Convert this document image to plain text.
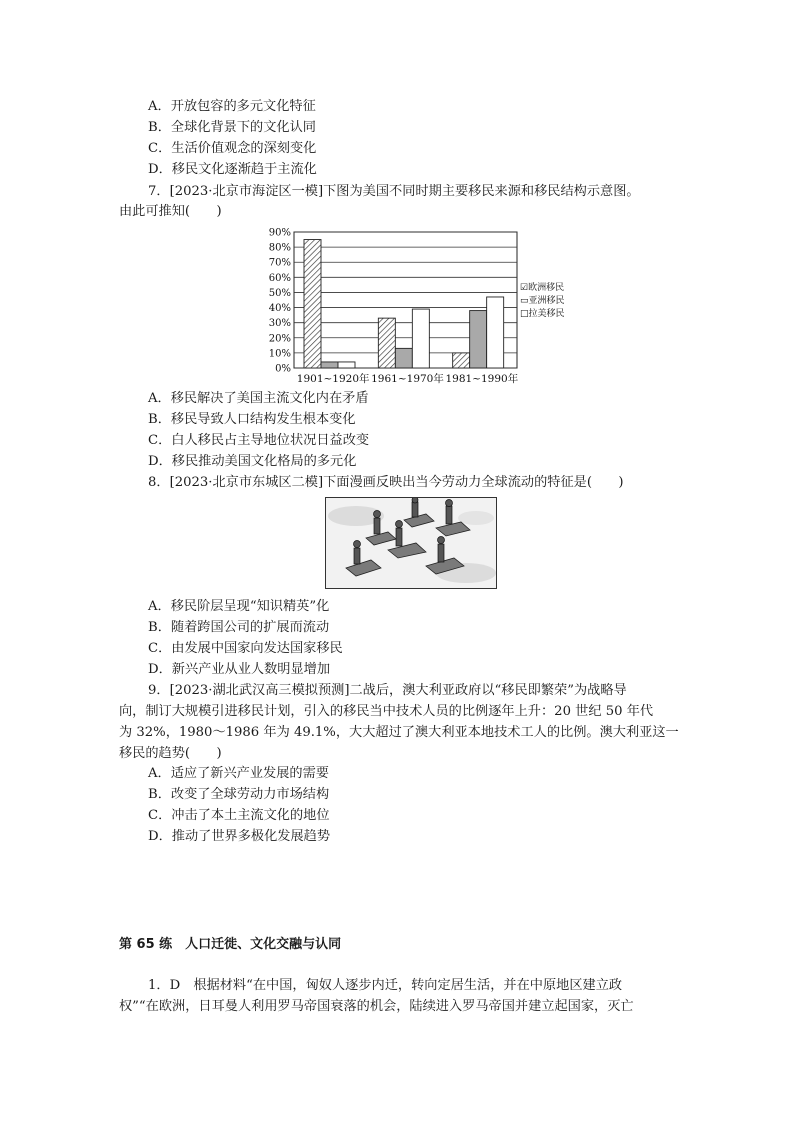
A．开放包容的多元文化特征
B．全球化背景下的文化认同
C．生活价值观念的深刻变化
D．移民文化逐渐趋于主流化
7．[2023·北京市海淀区一模]下图为美国不同时期主要移民来源和移民结构示意图。
由此可推知(　　)
0%
10%
20%
30%
40%
50%
60%
70%
80%
90%
1901~1920年 1961~1970年 1981~1990年
☑欧洲移民
▭亚洲移民
□拉美移民
A．移民解决了美国主流文化内在矛盾
B．移民导致人口结构发生根本变化
C．白人移民占主导地位状况日益改变
D．移民推动美国文化格局的多元化
8．[2023·北京市东城区二模]下面漫画反映出当今劳动力全球流动的特征是(　　)
A．移民阶层呈现“知识精英”化
B．随着跨国公司的扩展而流动
C．由发展中国家向发达国家移民
D．新兴产业从业人数明显增加
9．[2023·湖北武汉高三模拟预测]二战后，澳大利亚政府以“移民即繁荣”为战略导
向，制订大规模引进移民计划，引入的移民当中技术人员的比例逐年上升：20 世纪 50 年代
为 32%，1980～1986 年为 49.1%，大大超过了澳大利亚本地技术工人的比例。澳大利亚这一
移民的趋势(　　)
A．适应了新兴产业发展的需要
B．改变了全球劳动力市场结构
C．冲击了本土主流文化的地位
D．推动了世界多极化发展趋势
第 65 练　人口迁徙、文化交融与认同
1．D　根据材料“在中国，匈奴人逐步内迁，转向定居生活，并在中原地区建立政
权”“在欧洲，日耳曼人利用罗马帝国衰落的机会，陆续进入罗马帝国并建立起国家，灭亡
